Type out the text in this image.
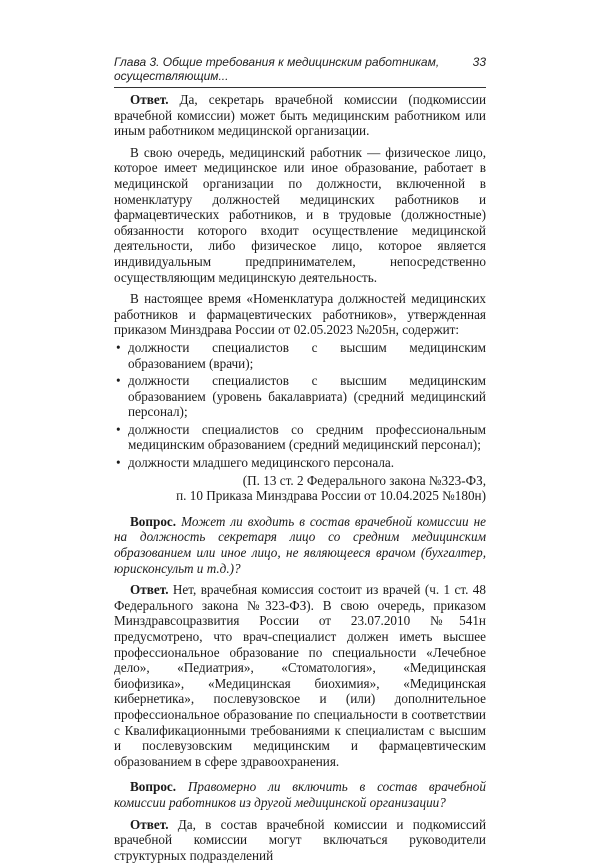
Глава 3. Общие требования к медицинским работникам, осуществляющим...
33

Ответ. Да, секретарь врачебной комиссии (подкомиссии врачебной комиссии) может быть медицинским работником или иным работником медицинской организации.

В свою очередь, медицинский работник — физическое лицо, которое имеет медицинское или иное образование, работает в медицинской организации по должности, включенной в номенклатуру должностей медицинских работников и фармацевтических работников, и в трудовые (должностные) обязанности которого входит осуществление медицинской деятельности, либо физическое лицо, которое является индивидуальным предпринимателем, непосредственно осуществляющим медицинскую деятельность.

В настоящее время «Номенклатура должностей медицинских работников и фармацевтических работников», утвержденная приказом Минздрава России от 02.05.2023 №205н, содержит:

• должности специалистов с высшим медицинским образованием (врачи);
• должности специалистов с высшим медицинским образованием (уровень бакалавриата) (средний медицинский персонал);
• должности специалистов со средним профессиональным медицинским образованием (средний медицинский персонал);
• должности младшего медицинского персонала.
(П. 13 ст. 2 Федерального закона №323-ФЗ,
п. 10 Приказа Минздрава России от 10.04.2025 №180н)

Вопрос. Может ли входить в состав врачебной комиссии не на должность секретаря лицо со средним медицинским образованием или иное лицо, не являющееся врачом (бухгалтер, юрисконсульт и т.д.)?

Ответ. Нет, врачебная комиссия состоит из врачей (ч. 1 ст. 48 Федерального закона №323-ФЗ). В свою очередь, приказом Минздравсоцразвития России от 23.07.2010 №541н предусмотрено, что врач-специалист должен иметь высшее профессиональное образование по специальности «Лечебное дело», «Педиатрия», «Стоматология», «Медицинская биофизика», «Медицинская биохимия», «Медицинская кибернетика», послевузовское и (или) дополнительное профессиональное образование по специальности в соответствии с Квалификационными требованиями к специалистам с высшим и послевузовским медицинским и фармацевтическим образованием в сфере здравоохранения.

Вопрос. Правомерно ли включить в состав врачебной комиссии работников из другой медицинской организации?

Ответ. Да, в состав врачебной комиссии и подкомиссий врачебной комиссии могут включаться руководители структурных подразделений
